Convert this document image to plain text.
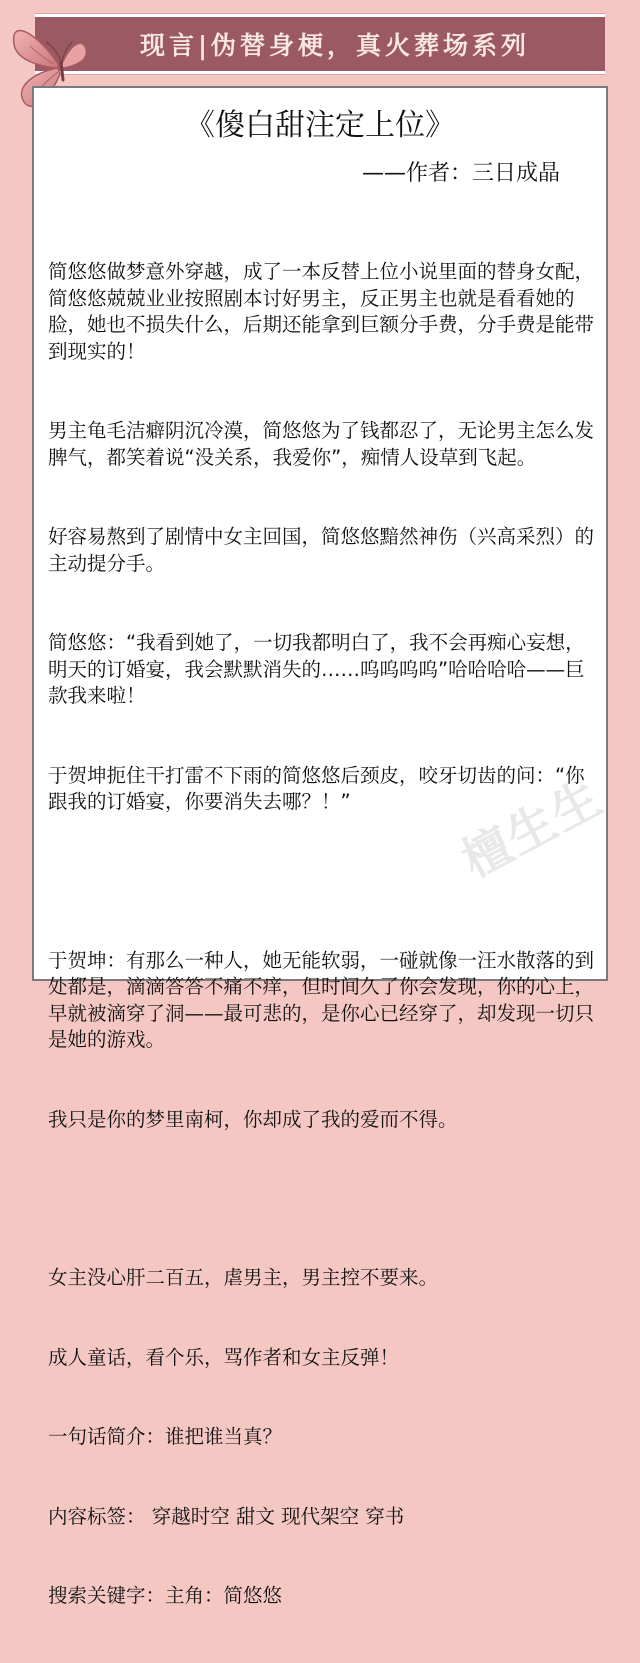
现言|伪替身梗，真火葬场系列
《傻白甜注定上位》
——作者：三日成晶

简悠悠做梦意外穿越，成了一本反替上位小说里面的替身女配，简悠悠兢兢业业按照剧本讨好男主，反正男主也就是看看她的脸，她也不损失什么，后期还能拿到巨额分手费，分手费是能带到现实的！

男主龟毛洁癖阴沉冷漠，简悠悠为了钱都忍了，无论男主怎么发脾气，都笑着说“没关系，我爱你”，痴情人设草到飞起。

好容易熬到了剧情中女主回国，简悠悠黯然神伤（兴高采烈）的主动提分手。

简悠悠：“我看到她了，一切我都明白了，我不会再痴心妄想，明天的订婚宴，我会默默消失的……呜呜呜呜”哈哈哈哈——巨款我来啦！

于贺坤扼住干打雷不下雨的简悠悠后颈皮，咬牙切齿的问：“你跟我的订婚宴，你要消失去哪？！”

于贺坤：有那么一种人，她无能软弱，一碰就像一汪水散落的到处都是，滴滴答答不痛不痒，但时间久了你会发现，你的心上，早就被滴穿了洞——最可悲的，是你心已经穿了，却发现一切只是她的游戏。

我只是你的梦里南柯，你却成了我的爱而不得。

女主没心肝二百五，虐男主，男主控不要来。

成人童话，看个乐，骂作者和女主反弹！

一句话简介：谁把谁当真？

内容标签： 穿越时空 甜文 现代架空 穿书

搜索关键字：主角：简悠悠

檀生生
